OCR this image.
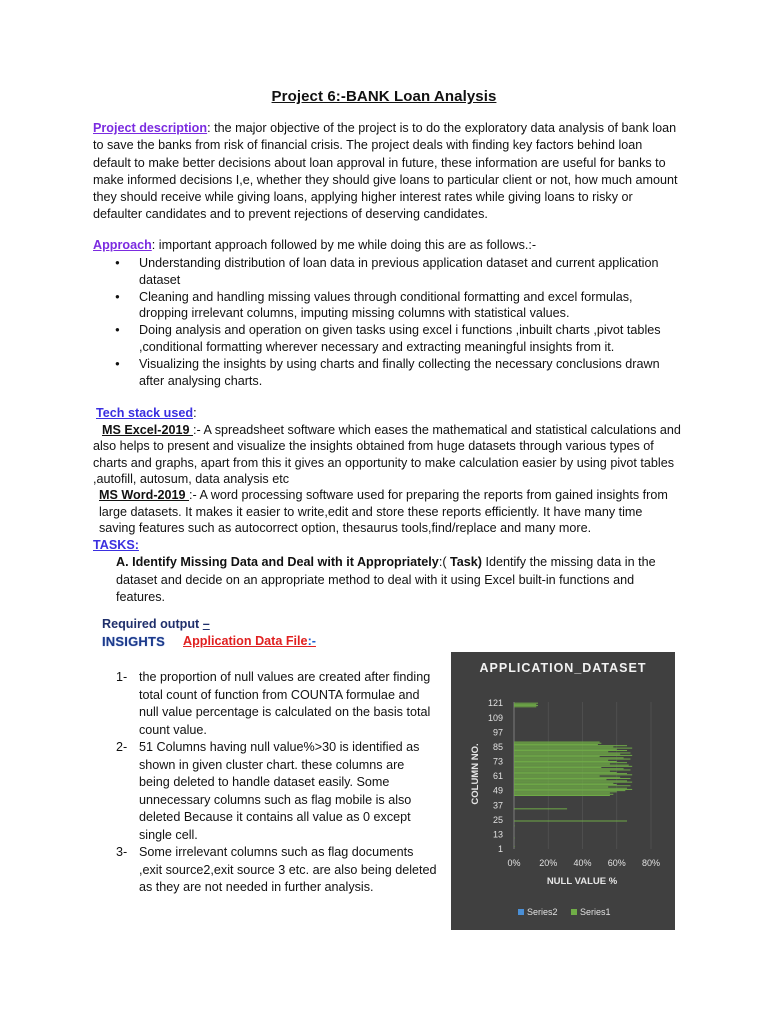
Project 6:-BANK Loan Analysis
Project description: the major objective of the project is to do the exploratory data analysis of bank loan to save the banks from risk of financial crisis. The project deals with finding key factors behind loan default to make better decisions about loan approval in future, these information are useful for banks to make informed decisions I,e, whether they should give loans to particular client or not, how much amount they should receive while giving loans, applying higher interest rates while giving loans to risky or defaulter candidates and to prevent rejections of deserving candidates.
Approach: important approach followed by me while doing this are as follows.:-
● Understanding distribution of loan data in previous application dataset and current application dataset
● Cleaning and handling missing values through conditional formatting and excel formulas, dropping irrelevant columns, imputing missing columns with statistical values.
● Doing analysis and operation on given tasks using excel i functions ,inbuilt charts ,pivot tables ,conditional formatting wherever necessary and extracting meaningful insights from it.
● Visualizing the insights by using charts and finally collecting the necessary conclusions drawn after analysing charts.
Tech stack used:
MS Excel-2019 :- A spreadsheet software which eases the mathematical and statistical calculations and also helps to present and visualize the insights obtained from huge datasets through various types of charts and graphs, apart from this it gives an opportunity to make calculation easier by using pivot tables ,autofill, autosum, data analysis etc
MS Word-2019 :- A word processing software used for preparing the reports from gained insights from large datasets. It makes it easier to write,edit and store these reports efficiently. It have many time saving features such as autocorrect option, thesaurus tools,find/replace and many more.
TASKS:
A. Identify Missing Data and Deal with it Appropriately:( Task) Identify the missing data in the dataset and decide on an appropriate method to deal with it using Excel built-in functions and features.
Required output –
INSIGHTS Application Data File:-
1- the proportion of null values are created after finding total count of function from COUNTA formulae and null value percentage is calculated on the basis total count value.
2- 51 Columns having null value%>30 is identified as shown in given cluster chart. these columns are being deleted to handle dataset easily. Some unnecessary columns such as flag mobile is also deleted Because it contains all value as 0 except single cell.
3- Some irrelevant columns such as flag documents ,exit source2,exit source 3 etc. are also being deleted as they are not needed in further analysis.
APPLICATION_DATASET
1
13
25
37
49
61
73
85
97
109
121
0% 20% 40% 60% 80%
COLUMN NO.
NULL VALUE %
Series2 Series1
